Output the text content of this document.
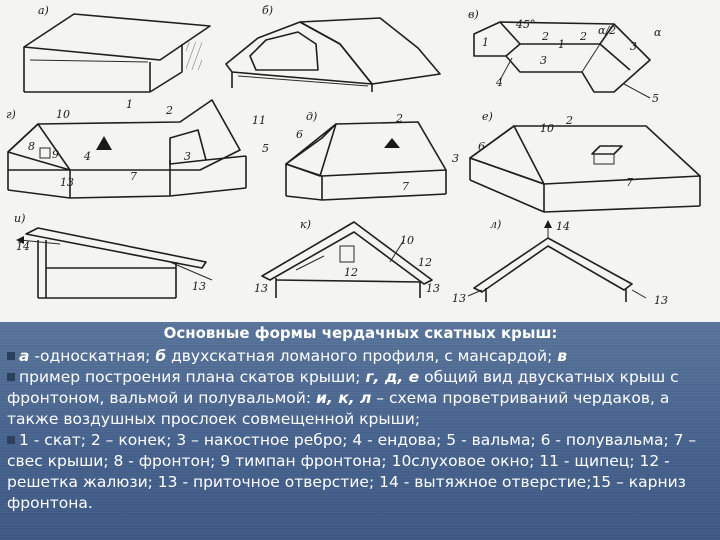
а)	б)	в)
45°	α/2	α
1	1
2	2
3
3
4
5
г)	10
1	2
11
8
9 4	3
5
7
13
д)
6
2
7
е)
10
2
6
3
7
и)
14
13
к)
12
10
12
13	13
л)	14
13	13
Основные формы чердачных скатных крыш:

а -односкатная; б двухскатная ломаного профиля, с мансардой; в

пример построения плана скатов крыши; г, д, е общий вид двускатных крыш с фронтоном, вальмой и полувальмой: и, к, л – схема проветриваний чердаков, а также воздушных прослоек совмещенной крыши;

1 - скат; 2 – конек; 3 – накостное ребро; 4 - ендова; 5 - вальма; 6 - полувальма; 7 – свес крыши; 8 - фронтон; 9 тимпан фронтона; 10слуховое окно; 11 - щипец; 12 - решетка жалюзи; 13 - приточное отверстие; 14 - вытяжное отверстие;15 – карниз фронтона.
